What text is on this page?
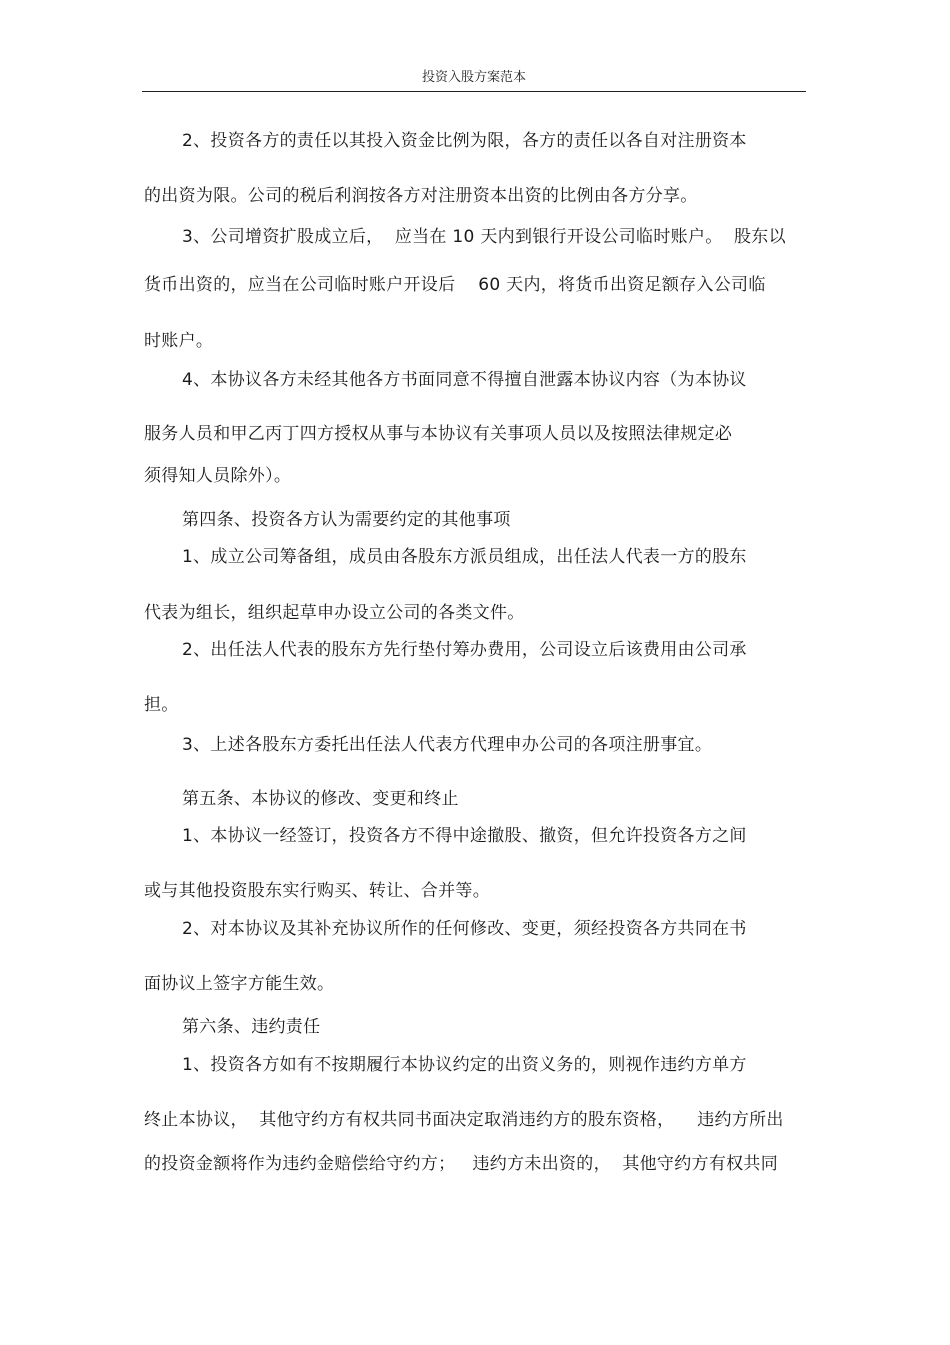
投资入股方案范本
2、投资各方的责任以其投入资金比例为限，各方的责任以各自对注册资本
的出资为限。公司的税后利润按各方对注册资本出资的比例由各方分享。
3、公司增资扩股成立后，  应当在 10 天内到银行开设公司临时账户。  股东以
货币出资的，应当在公司临时账户开设后    60 天内，将货币出资足额存入公司临
时账户。
4、本协议各方未经其他各方书面同意不得擅自泄露本协议内容（为本协议
服务人员和甲乙丙丁四方授权从事与本协议有关事项人员以及按照法律规定必
须得知人员除外）。
第四条、投资各方认为需要约定的其他事项
1、成立公司筹备组，成员由各股东方派员组成，出任法人代表一方的股东
代表为组长，组织起草申办设立公司的各类文件。
2、出任法人代表的股东方先行垫付筹办费用，公司设立后该费用由公司承
担。
3、上述各股东方委托出任法人代表方代理申办公司的各项注册事宜。
第五条、本协议的修改、变更和终止
1、本协议一经签订，投资各方不得中途撤股、撤资，但允许投资各方之间
或与其他投资股东实行购买、转让、合并等。
2、对本协议及其补充协议所作的任何修改、变更，须经投资各方共同在书
面协议上签字方能生效。
第六条、违约责任
1、投资各方如有不按期履行本协议约定的出资义务的，则视作违约方单方
终止本协议，  其他守约方有权共同书面决定取消违约方的股东资格，    违约方所出
的投资金额将作为违约金赔偿给守约方；   违约方未出资的，  其他守约方有权共同
